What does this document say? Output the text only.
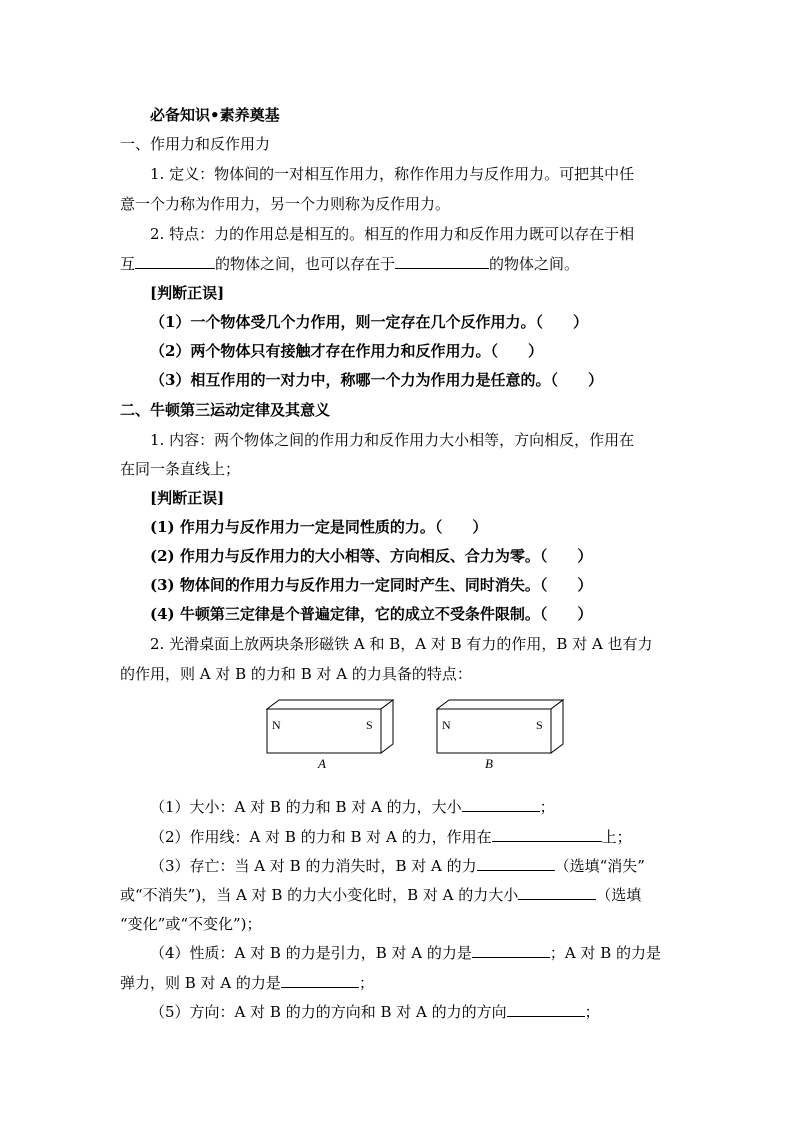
必备知识•素养奠基
一、作用力和反作用力
1. 定义：物体间的一对相互作用力，称作作用力与反作用力。可把其中任
意一个力称为作用力，另一个力则称为反作用力。
2. 特点：力的作用总是相互的。相互的作用力和反作用力既可以存在于相
互	的物体之间，也可以存在于	的物体之间。
[判断正误]
（1）一个物体受几个力作用，则一定存在几个反作用力。（　　）
（2）两个物体只有接触才存在作用力和反作用力。（　　）
（3）相互作用的一对力中，称哪一个力为作用力是任意的。（　　）
二、牛顿第三运动定律及其意义
1. 内容：两个物体之间的作用力和反作用力大小相等，方向相反，作用在
在同一条直线上；
[判断正误]
(1) 作用力与反作用力一定是同性质的力。（　　）
(2) 作用力与反作用力的大小相等、方向相反、合力为零。（　　）
(3) 物体间的作用力与反作用力一定同时产生、同时消失。（　　）
(4) 牛顿第三定律是个普遍定律，它的成立不受条件限制。（　　）
2. 光滑桌面上放两块条形磁铁 A 和 B，A 对 B 有力的作用，B 对 A 也有力
的作用，则 A 对 B 的力和 B 对 A 的力具备的特点：
N	S
A
N	S
B
（1）大小：A 对 B 的力和 B 对 A 的力，大小	；
（2）作用线：A 对 B 的力和 B 对 A 的力，作用在	上；
（3）存亡：当 A 对 B 的力消失时，B 对 A 的力	（选填“消失”
或“不消失”)，当 A 对 B 的力大小变化时，B 对 A 的力大小	（选填
“变化”或“不变化”)；
（4）性质：A 对 B 的力是引力，B 对 A 的力是	；A 对 B 的力是
弹力，则 B 对 A 的力是	；
（5）方向：A 对 B 的力的方向和 B 对 A 的力的方向	；
